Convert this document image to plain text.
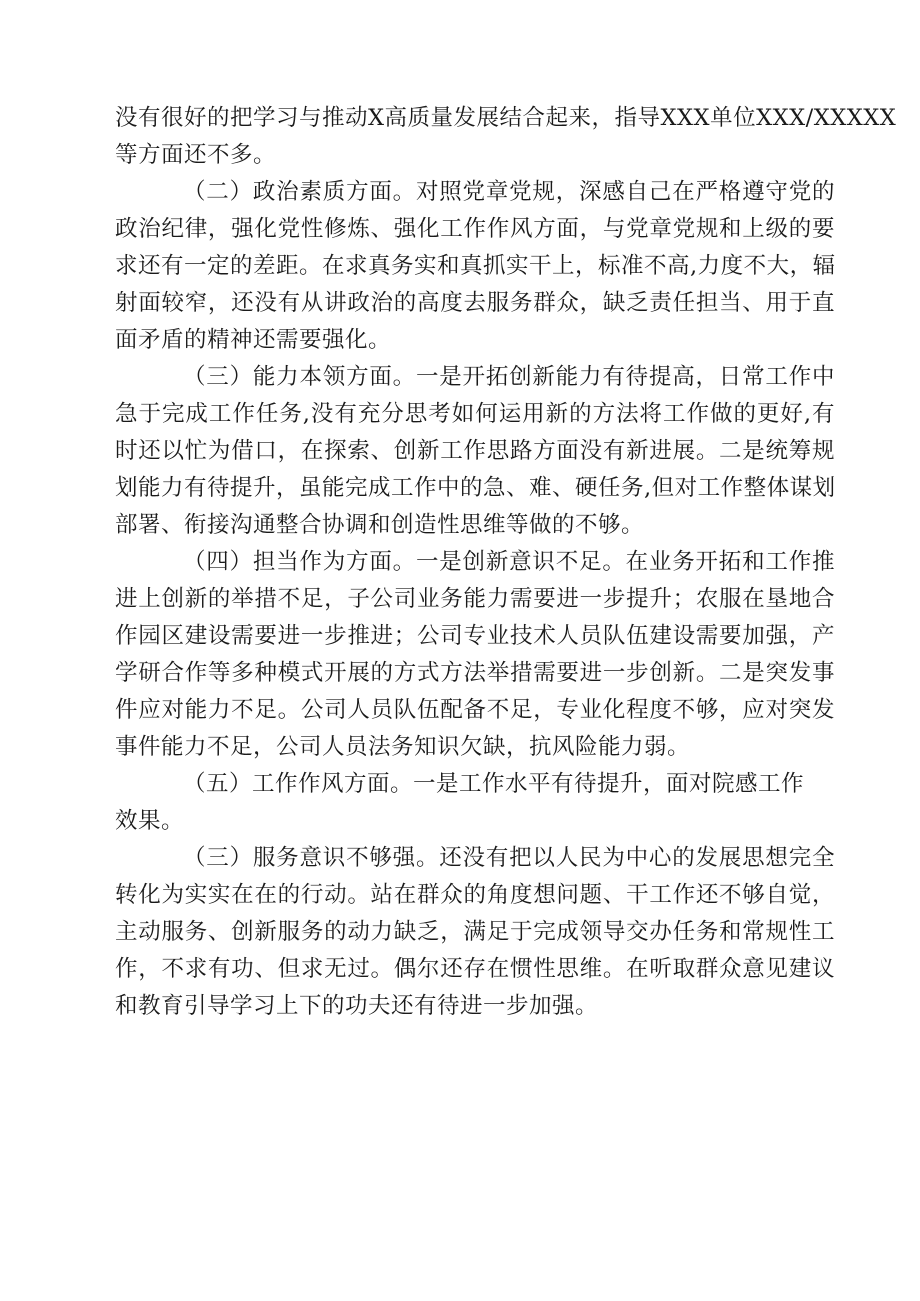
没有很好的把学习与推动X高质量发展结合起来，指导XXX单位XXX/XXXXX
等方面还不多。
（二）政治素质方面。对照党章党规，深感自己在严格遵守党的
政治纪律，强化党性修炼、强化工作作风方面，与党章党规和上级的要
求还有一定的差距。在求真务实和真抓实干上，标准不高,力度不大，辐
射面较窄，还没有从讲政治的高度去服务群众，缺乏责任担当、用于直
面矛盾的精神还需要强化。
（三）能力本领方面。一是开拓创新能力有待提高，日常工作中
急于完成工作任务,没有充分思考如何运用新的方法将工作做的更好,有
时还以忙为借口，在探索、创新工作思路方面没有新进展。二是统筹规
划能力有待提升，虽能完成工作中的急、难、硬任务,但对工作整体谋划
部署、衔接沟通整合协调和创造性思维等做的不够。
（四）担当作为方面。一是创新意识不足。在业务开拓和工作推
进上创新的举措不足，子公司业务能力需要进一步提升；农服在垦地合
作园区建设需要进一步推进；公司专业技术人员队伍建设需要加强，产
学研合作等多种模式开展的方式方法举措需要进一步创新。二是突发事
件应对能力不足。公司人员队伍配备不足，专业化程度不够，应对突发
事件能力不足，公司人员法务知识欠缺，抗风险能力弱。
（五）工作作风方面。一是工作水平有待提升，面对院感工作
效果。
（三）服务意识不够强。还没有把以人民为中心的发展思想完全
转化为实实在在的行动。站在群众的角度想问题、干工作还不够自觉，
主动服务、创新服务的动力缺乏，满足于完成领导交办任务和常规性工
作，不求有功、但求无过。偶尔还存在惯性思维。在听取群众意见建议
和教育引导学习上下的功夫还有待进一步加强。
